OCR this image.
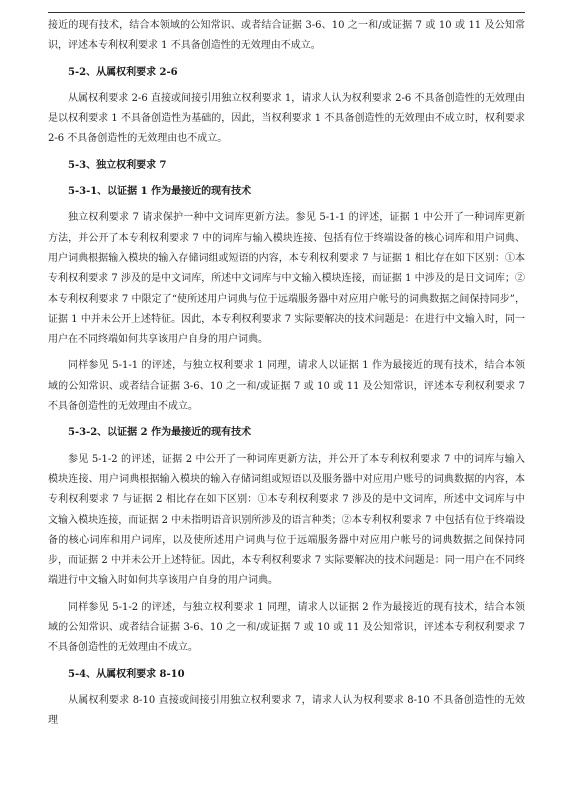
接近的现有技术，结合本领域的公知常识、或者结合证据 3-6、10 之一和/或证据 7 或 10 或 11 及公知常识，评述本专利权利要求 1 不具备创造性的无效理由不成立。

5-2、从属权利要求 2-6

从属权利要求 2-6 直接或间接引用独立权利要求 1，请求人认为权利要求 2-6 不具备创造性的无效理由是以权利要求 1 不具备创造性为基础的，因此，当权利要求 1 不具备创造性的无效理由不成立时，权利要求 2-6 不具备创造性的无效理由也不成立。

5-3、独立权利要求 7

5-3-1、以证据 1 作为最接近的现有技术

独立权利要求 7 请求保护一种中文词库更新方法。参见 5-1-1 的评述，证据 1 中公开了一种词库更新方法，并公开了本专利权利要求 7 中的词库与输入模块连接、包括有位于终端设备的核心词库和用户词典、用户词典根据输入模块的输入存储词组或短语的内容，本专利权利要求 7 与证据 1 相比存在如下区别：①本专利权利要求 7 涉及的是中文词库，所述中文词库与中文输入模块连接，而证据 1 中涉及的是日文词库；②本专利权利要求 7 中限定了“使所述用户词典与位于远端服务器中对应用户帐号的词典数据之间保持同步”，证据 1 中并未公开上述特征。因此，本专利权利要求 7 实际要解决的技术问题是：在进行中文输入时，同一用户在不同终端如何共享该用户自身的用户词典。

同样参见 5-1-1 的评述，与独立权利要求 1 同理，请求人以证据 1 作为最接近的现有技术，结合本领域的公知常识、或者结合证据 3-6、10 之一和/或证据 7 或 10 或 11 及公知常识，评述本专利权利要求 7 不具备创造性的无效理由不成立。

5-3-2、以证据 2 作为最接近的现有技术

参见 5-1-2 的评述，证据 2 中公开了一种词库更新方法，并公开了本专利权利要求 7 中的词库与输入模块连接、用户词典根据输入模块的输入存储词组或短语以及服务器中对应用户账号的词典数据的内容，本专利权利要求 7 与证据 2 相比存在如下区别：①本专利权利要求 7 涉及的是中文词库，所述中文词库与中文输入模块连接，而证据 2 中未指明语音识别所涉及的语言种类；②本专利权利要求 7 中包括有位于终端设备的核心词库和用户词库，以及使所述用户词典与位于远端服务器中对应用户帐号的词典数据之间保持同步，而证据 2 中并未公开上述特征。因此，本专利权利要求 7 实际要解决的技术问题是：同一用户在不同终端进行中文输入时如何共享该用户自身的用户词典。

同样参见 5-1-2 的评述，与独立权利要求 1 同理，请求人以证据 2 作为最接近的现有技术，结合本领域的公知常识、或者结合证据 3-6、10 之一和/或证据 7 或 10 或 11 及公知常识，评述本专利权利要求 7 不具备创造性的无效理由不成立。

5-4、从属权利要求 8-10

从属权利要求 8-10 直接或间接引用独立权利要求 7，请求人认为权利要求 8-10 不具备创造性的无效理
